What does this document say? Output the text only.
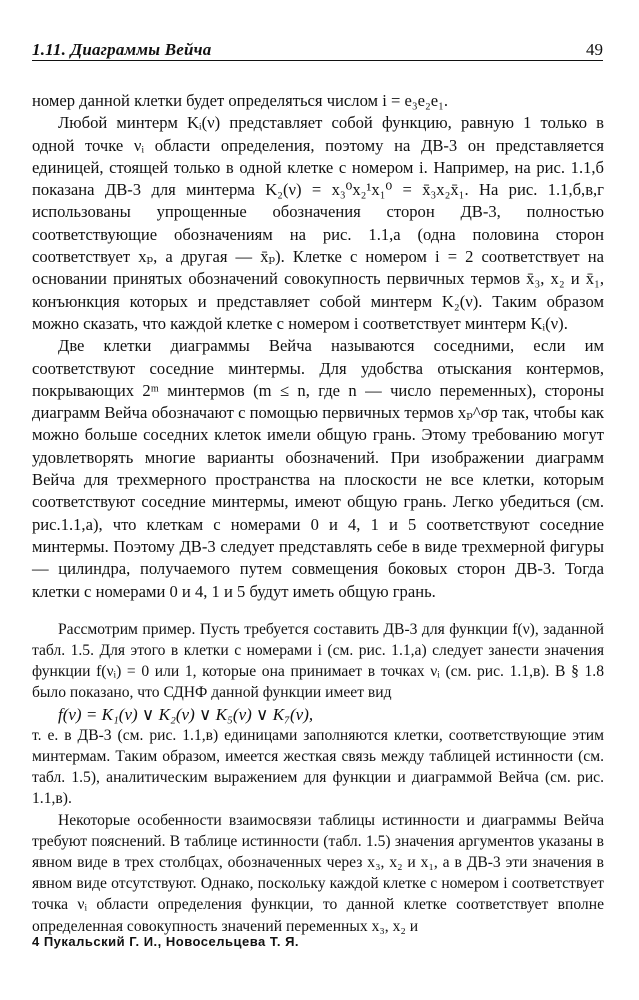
1.11. Диаграммы Вейча	49

номер данной клетки будет определяться числом i = e₃e₂e₁.

Любой минтерм Kᵢ(ν) представляет собой функцию, равную 1 только в одной точке νᵢ области определения, поэтому на ДВ-3 он представляется единицей, стоящей только в одной клетке с номером i. Например, на рис. 1.1,б показана ДВ-3 для минтерма K₂(ν) = x₃⁰x₂¹x₁⁰ = x̄₃x₂x̄₁. На рис. 1.1,б,в,г использованы упрощенные обозначения сторон ДВ-3, полностью соответствующие обозначениям на рис. 1.1,а (одна половина сторон соответствует xₚ, а другая — x̄ₚ). Клетке с номером i = 2 соответствует на основании принятых обозначений совокупность первичных термов x̄₃, x₂ и x̄₁, конъюнкция которых и представляет собой минтерм K₂(ν). Таким образом можно сказать, что каждой клетке с номером i соответствует минтерм Kᵢ(ν).

Две клетки диаграммы Вейча называются соседними, если им соответствуют соседние минтермы. Для удобства отыскания контермов, покрывающих 2ᵐ минтермов (m ≤ n, где n — число переменных), стороны диаграмм Вейча обозначают с помощью первичных термов xₚ^σp так, чтобы как можно больше соседних клеток имели общую грань. Этому требованию могут удовлетворять многие варианты обозначений. При изображении диаграмм Вейча для трехмерного пространства на плоскости не все клетки, которым соответствуют соседние минтермы, имеют общую грань. Легко убедиться (см. рис.1.1,а), что клеткам с номерами 0 и 4, 1 и 5 соответствуют соседние минтермы. Поэтому ДВ-3 следует представлять себе в виде трехмерной фигуры — цилиндра, получаемого путем совмещения боковых сторон ДВ-3. Тогда клетки с номерами 0 и 4, 1 и 5 будут иметь общую грань.

Рассмотрим пример. Пусть требуется составить ДВ-3 для функции f(ν), заданной табл. 1.5. Для этого в клетки с номерами i (см. рис. 1.1,а) следует занести значения функции f(νᵢ) = 0 или 1, которые она принимает в точках νᵢ (см. рис. 1.1,в). В § 1.8 было показано, что СДНФ данной функции имеет вид

f(ν) = K₁(ν) ∨ K₂(ν) ∨ K₅(ν) ∨ K₇(ν),

т. е. в ДВ-3 (см. рис. 1.1,в) единицами заполняются клетки, соответствующие этим минтермам. Таким образом, имеется жесткая связь между таблицей истинности (см. табл. 1.5), аналитическим выражением для функции и диаграммой Вейча (см. рис. 1.1,в).

Некоторые особенности взаимосвязи таблицы истинности и диаграммы Вейча требуют пояснений. В таблице истинности (табл. 1.5) значения аргументов указаны в явном виде в трех столбцах, обозначенных через x₃, x₂ и x₁, а в ДВ-3 эти значения в явном виде отсутствуют. Однако, поскольку каждой клетке с номером i соответствует точка νᵢ области определения функции, то данной клетке соответствует вполне определенная совокупность значений переменных x₃, x₂ и

4 Пукальский Г. И., Новосельцева Т. Я.
